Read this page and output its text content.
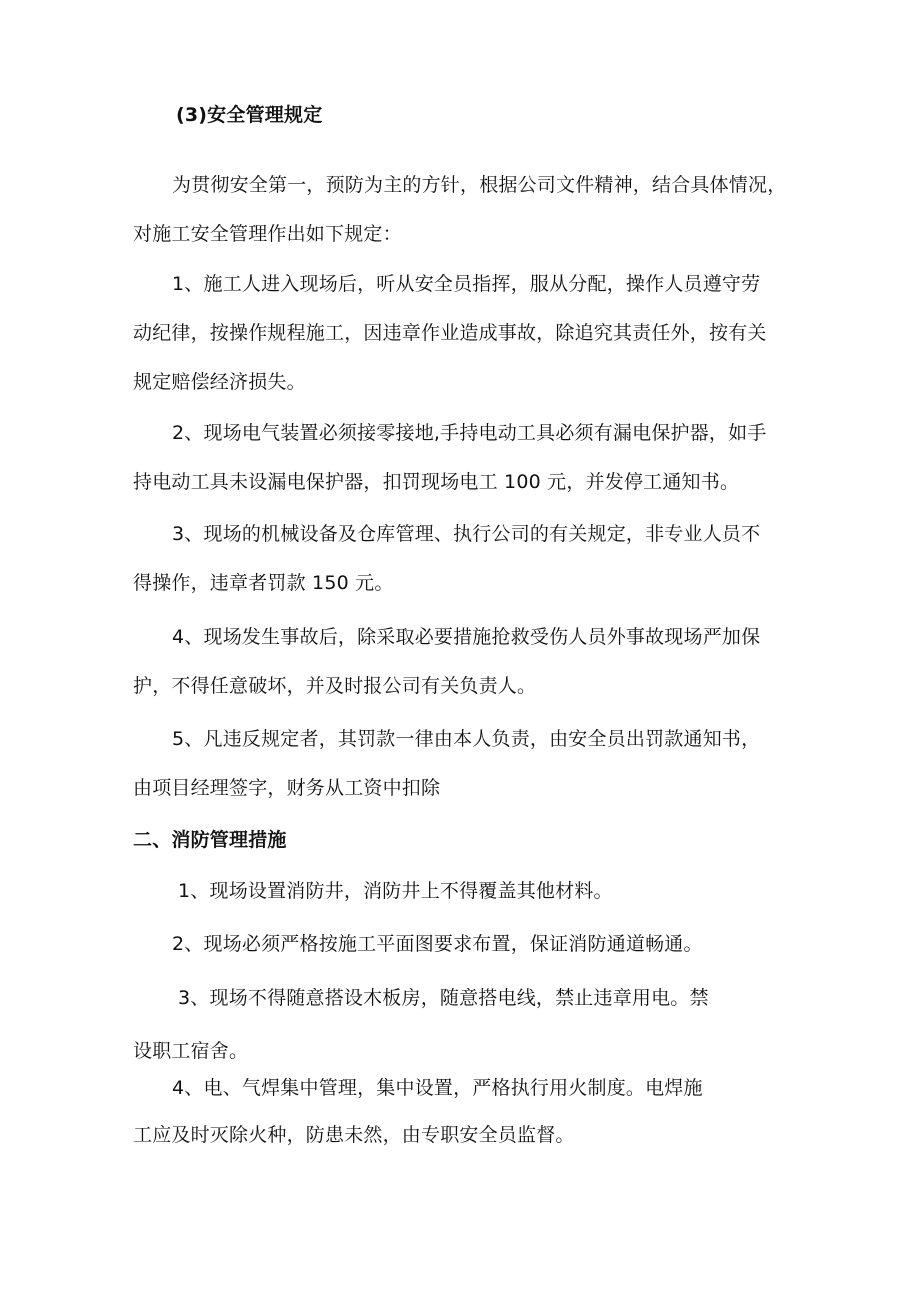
(3)安全管理规定
为贯彻安全第一，预防为主的方针，根据公司文件精神，结合具体情况，
对施工安全管理作出如下规定：
1、施工人进入现场后，听从安全员指挥，服从分配，操作人员遵守劳
动纪律，按操作规程施工，因违章作业造成事故，除追究其责任外，按有关
规定赔偿经济损失。
2、现场电气装置必须接零接地,手持电动工具必须有漏电保护器，如手
持电动工具未设漏电保护器，扣罚现场电工 100 元，并发停工通知书。
3、现场的机械设备及仓库管理、执行公司的有关规定，非专业人员不
得操作，违章者罚款 150 元。
4、现场发生事故后，除采取必要措施抢救受伤人员外事故现场严加保
护，不得任意破坏，并及时报公司有关负责人。
5、凡违反规定者，其罚款一律由本人负责，由安全员出罚款通知书，
由项目经理签字，财务从工资中扣除
二、消防管理措施
1、现场设置消防井，消防井上不得覆盖其他材料。
2、现场必须严格按施工平面图要求布置，保证消防通道畅通。
3、现场不得随意搭设木板房，随意搭电线，禁止违章用电。禁
设职工宿舍。
4、电、气焊集中管理，集中设置，严格执行用火制度。电焊施
工应及时灭除火种，防患未然，由专职安全员监督。
